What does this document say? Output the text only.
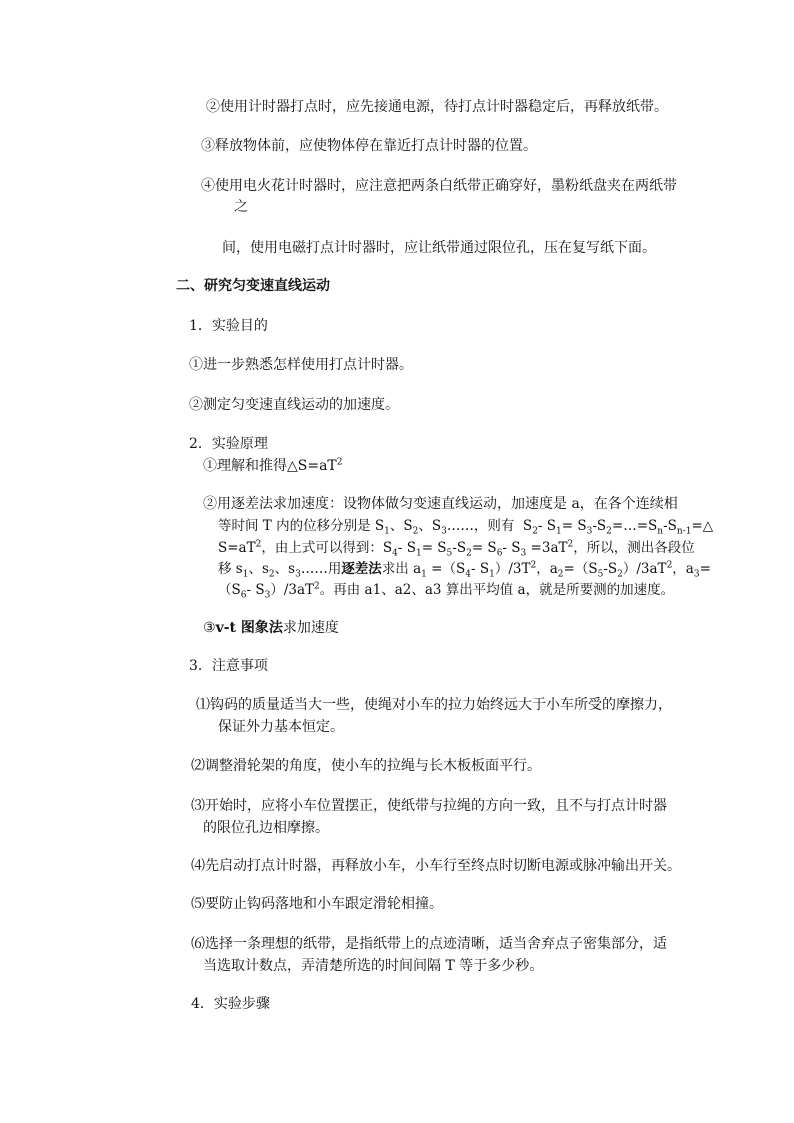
②使用计时器打点时，应先接通电源，待打点计时器稳定后，再释放纸带。
③释放物体前，应使物体停在靠近打点计时器的位置。
④使用电火花计时器时，应注意把两条白纸带正确穿好，墨粉纸盘夹在两纸带
之
间，使用电磁打点计时器时，应让纸带通过限位孔，压在复写纸下面。
二、研究匀变速直线运动
1．实验目的
①进一步熟悉怎样使用打点计时器。
②测定匀变速直线运动的加速度。
2．实验原理
①理解和推得$\triangle S=aT^2$
②用逐差法求加速度：设物体做匀变速直线运动，加速度是 a，在各个连续相
等时间 T 内的位移分别是 $S_1$、$S_2$、$S_3\dots\dots$，则有  $S_2-$ $S_1=$ $S_3-S_2=\dots=S_n-S_{n-1}=\triangle$
$S=aT^2$，由上式可以得到：$S_4-$ $S_1= S_5-S_2= S_6-$ $S_3 =3aT^2$，所以，测出各段位
移 $s_1$、$s_2$、$s_3\dots\dots$用逐差法求出 $a_1 =(S_4-$ $S_1)/3T^2$，$a_2=(S_5-S_2)/3aT^2$，$a_3=$
（$S_6-$ $S_3)/3aT^2$。再由 a1、a2、a3 算出平均值 a，就是所要测的加速度。
③v-t 图象法求加速度
3．注意事项
⑴钩码的质量适当大一些，使绳对小车的拉力始终远大于小车所受的摩擦力，
保证外力基本恒定。
⑵调整滑轮架的角度，使小车的拉绳与长木板板面平行。
⑶开始时，应将小车位置摆正，使纸带与拉绳的方向一致，且不与打点计时器
的限位孔边相摩擦。
⑷先启动打点计时器，再释放小车，小车行至终点时切断电源或脉冲输出开关。
⑸要防止钩码落地和小车跟定滑轮相撞。
⑹选择一条理想的纸带，是指纸带上的点迹清晰，适当舍弃点子密集部分，适
当选取计数点，弄清楚所选的时间间隔 T 等于多少秒。
4．实验步骤
